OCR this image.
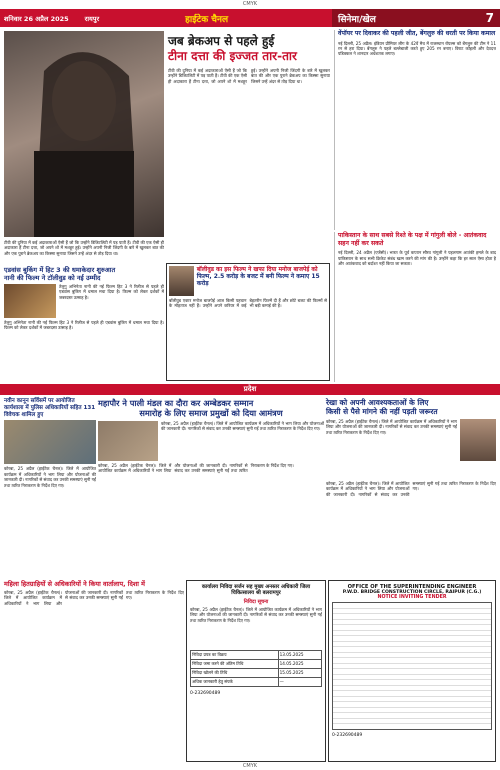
CMYK
शनिवार 26 अप्रैल 2025 रायपुर	हाईटेक चैनल	सिनेमा/खेल	7
जब ब्रेकअप से पहले हुई
टीना दत्ता की इज्जत तार-तार
टीवी की दुनिया में कई अदाकाराओं ऐसी हैं जो कि उन्होंने डिजिटलिटी में पड़ पाती हैं। टीवी की एक ऐसी ही अदाकारा हैं टीना दत्ता, जो अपने शो में मशहूर हुई। उन्होंने अपनी निजी जिंदगी के बारे में खुलकर बात की और एक पुराने ब्रेकअप का किस्सा सुनाया जिसने उन्हें अंदर से तोड़ दिया था।
टीवी की दुनिया में कई अदाकाराओं ऐसी हैं जो कि उन्होंने डिजिटलिटी में पड़ पाती हैं। टीवी की एक ऐसी ही अदाकारा हैं टीना दत्ता, जो अपने शो में मशहूर हुई। उन्होंने अपनी निजी जिंदगी के बारे में खुलकर बात की और एक पुराने ब्रेकअप का किस्सा सुनाया जिसने उन्हें अंदर से तोड़ दिया था।
वेंपॉयर पर दिवाकर की पहली जीत, बेंगलुरु की धरती पर किया कमाल
नई दिल्ली, 25 अप्रैल। इंडियन प्रीमियर लीग के 42वें मैच में राजस्थान रॉयल्स को बेंगलुरु की टीम ने 11 रन से हरा दिया। बेंगलुरु ने पहले बल्लेबाजी करते हुए 205 रन बनाए। विराट कोहली और देवदत्त पडिक्कल ने शानदार अर्धशतक लगाए।
पाकिस्तान के साथ सबसे रिश्ते के पक्ष में गांगुली बोले - आतंकवाद सहन नहीं कर सकते
नई दिल्ली, 24 अप्रैल (एजेंसी)। भारत के पूर्व कप्तान सौरव गांगुली ने पहलगाम आतंकी हमले के बाद पाकिस्तान के साथ सभी क्रिकेट संबंध खत्म करने की मांग की है। उन्होंने कहा कि हर साल ऐसा होता है और आतंकवाद को बर्दाश्त नहीं किया जा सकता।
एडवांस बुकिंग में हिट 3 की धमाकेदार शुरुआत
नानी की फिल्म ने टॉलीवुड को नई उम्मीद
तेलुगु अभिनेता नानी की नई फिल्म हिट 3 ने रिलीज से पहले ही एडवांस बुकिंग में धमाल मचा दिया है। फिल्म को लेकर दर्शकों में जबरदस्त उत्साह है।
तेलुगु अभिनेता नानी की नई फिल्म हिट 3 ने रिलीज से पहले ही एडवांस बुकिंग में धमाल मचा दिया है। फिल्म को लेकर दर्शकों में जबरदस्त उत्साह है।
बॉलीवुड का इस फिल्म ने खफा दिया मनोज बाजपेई को
फिल्म, 2.5 करोड़ के बजट में बनी फिल्म ने कमाए 15 करोड़
बॉलीवुड एक्टर मनोज बाजपेई आज किसी पहचान के मोहताज नहीं हैं। उन्होंने अपने करियर में कई बेहतरीन फिल्में दी हैं और छोटे बजट की फिल्मों से भी बड़ी कमाई की है।
प्रदेश
नवीन कानून सर्विसमें पर आयोजित कार्यशाला में पुलिस अधिकारियों सहित 131 विवेचक शामिल हुए
कोरबा, 25 अप्रैल (हाईटेक चैनल)। जिले में आयोजित कार्यक्रम में अधिकारियों ने भाग लिया और योजनाओं की जानकारी दी। नागरिकों से संवाद कर उनकी समस्याएं सुनी गईं तथा त्वरित निराकरण के निर्देश दिए गए।
महापौर ने पाली मंडल का दौरा कर अम्बेडकर सम्मान
समारोह के लिए समाज प्रमुखों को दिया आमंत्रण
कोरबा, 25 अप्रैल (हाईटेक चैनल)। जिले में आयोजित कार्यक्रम में अधिकारियों ने भाग लिया और योजनाओं की जानकारी दी। नागरिकों से संवाद कर उनकी समस्याएं सुनी गईं तथा त्वरित निराकरण के निर्देश दिए गए।
कोरबा, 25 अप्रैल (हाईटेक चैनल)। जिले में आयोजित कार्यक्रम में अधिकारियों ने भाग लिया और योजनाओं की जानकारी दी। नागरिकों से संवाद कर उनकी समस्याएं सुनी गईं तथा त्वरित निराकरण के निर्देश दिए गए।
रेखा को अपनी आवश्यकताओं के लिए
किसी से पैसे मांगने की नहीं पड़ती जरूरत
कोरबा, 25 अप्रैल (हाईटेक चैनल)। जिले में आयोजित कार्यक्रम में अधिकारियों ने भाग लिया और योजनाओं की जानकारी दी। नागरिकों से संवाद कर उनकी समस्याएं सुनी गईं तथा त्वरित निराकरण के निर्देश दिए गए।
कोरबा, 25 अप्रैल (हाईटेक चैनल)। जिले में आयोजित कार्यक्रम में अधिकारियों ने भाग लिया और योजनाओं की जानकारी दी। नागरिकों से संवाद कर उनकी समस्याएं सुनी गईं तथा त्वरित निराकरण के निर्देश दिए गए।
महिला हितग्राहियों से अधिकारियों ने किया वार्तालाप, दिशा में
कोरबा, 25 अप्रैल (हाईटेक चैनल)। जिले में आयोजित कार्यक्रम में अधिकारियों ने भाग लिया और योजनाओं की जानकारी दी। नागरिकों से संवाद कर उनकी समस्याएं सुनी गईं तथा त्वरित निराकरण के निर्देश दिए गए।
कार्यालय निविदा सर्जन सह मुख्य अनस्तर अधिकारी जिला चिकित्सालय श्री बलरामपुर
निविदा सूचना
कोरबा, 25 अप्रैल (हाईटेक चैनल)। जिले में आयोजित कार्यक्रम में अधिकारियों ने भाग लिया और योजनाओं की जानकारी दी। नागरिकों से संवाद कर उनकी समस्याएं सुनी गईं तथा त्वरित निराकरण के निर्देश दिए गए।
निविदा प्रपत्र का विक्रय	13.05.2025
निविदा जमा करने की अंतिम तिथि	14.05.2025
निविदा खोलने की तिथि	15.05.2025
अधिक जानकारी हेतु संपर्क	—
0-232690489
OFFICE OF THE SUPERINTENDING ENGINEER
P.W.D. BRIDGE CONSTRUCTION CIRCLE, RAIPUR (C.G.)
NOTICE INVITING TENDER
0-232690489
CMYK
